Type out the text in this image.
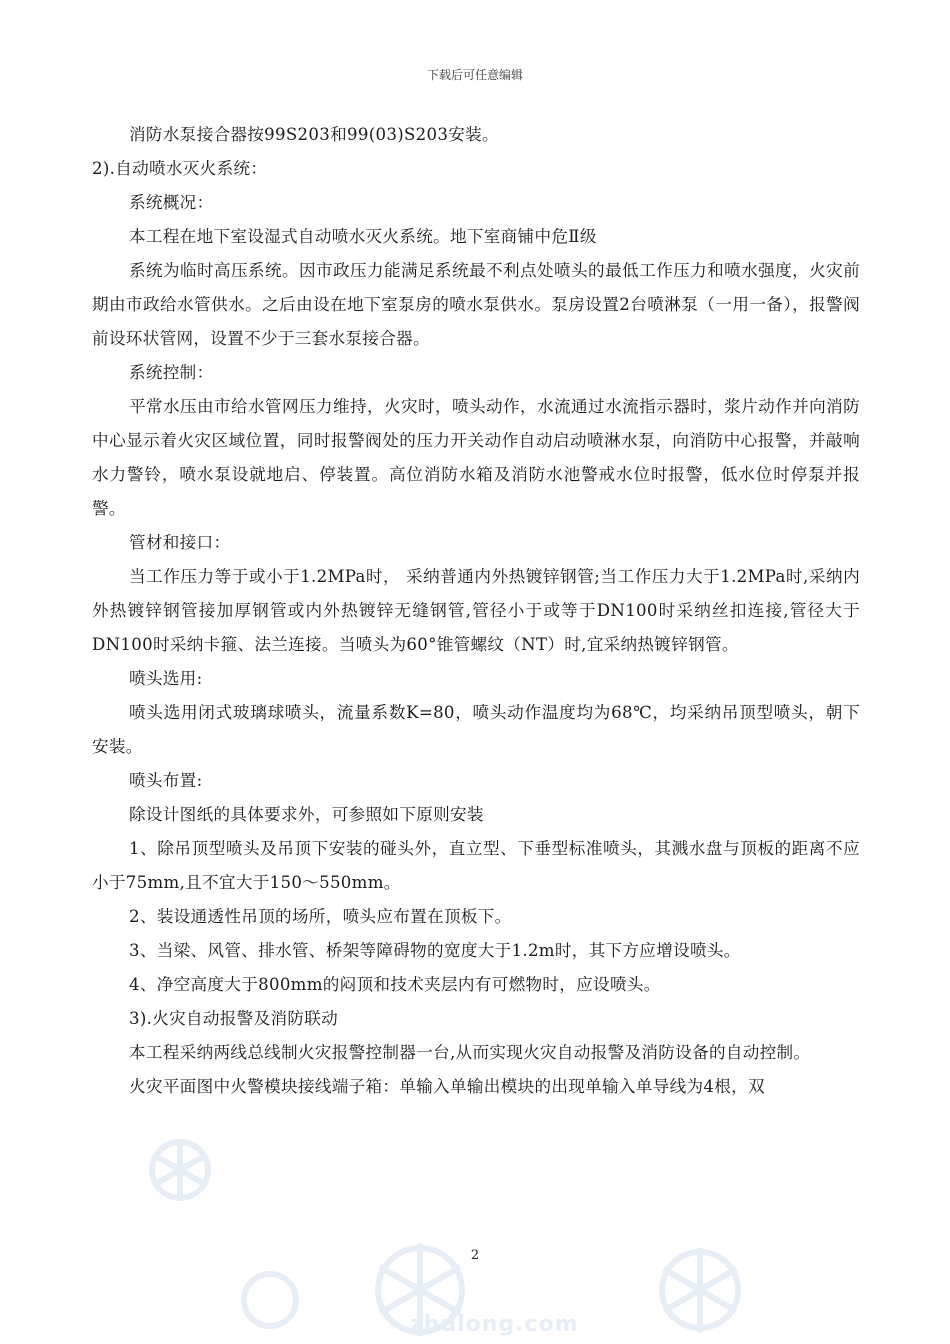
下载后可任意编辑

消防水泵接合器按99S203和99(03)S203安装。

2).自动喷水灭火系统：

系统概况：

本工程在地下室设湿式自动喷水灭火系统。地下室商铺中危Ⅱ级

系统为临时高压系统。因市政压力能满足系统最不利点处喷头的最低工作压力和喷水强度，火灾前期由市政给水管供水。之后由设在地下室泵房的喷水泵供水。泵房设置2台喷淋泵（一用一备），报警阀前设环状管网，设置不少于三套水泵接合器。

系统控制：

平常水压由市给水管网压力维持，火灾时，喷头动作，水流通过水流指示器时，浆片动作并向消防中心显示着火灾区域位置，同时报警阀处的压力开关动作自动启动喷淋水泵，向消防中心报警，并敲响水力警铃，喷水泵设就地启、停装置。高位消防水箱及消防水池警戒水位时报警，低水位时停泵并报警。

管材和接口：

当工作压力等于或小于1.2MPa时， 采纳普通内外热镀锌钢管;当工作压力大于1.2MPa时,采纳内外热镀锌钢管接加厚钢管或内外热镀锌无缝钢管,管径小于或等于DN100时采纳丝扣连接,管径大于DN100时采纳卡箍、法兰连接。当喷头为60°锥管螺纹（NT）时,宜采纳热镀锌钢管。

喷头选用:

喷头选用闭式玻璃球喷头，流量系数K=80，喷头动作温度均为68℃，均采纳吊顶型喷头，朝下安装。

喷头布置:

除设计图纸的具体要求外，可参照如下原则安装

1、除吊顶型喷头及吊顶下安装的碰头外，直立型、下垂型标准喷头，其溅水盘与顶板的距离不应小于75mm,且不宜大于150～550mm。

2、装设通透性吊顶的场所，喷头应布置在顶板下。

3、当梁、风管、排水管、桥架等障碍物的宽度大于1.2m时，其下方应增设喷头。

4、净空高度大于800mm的闷顶和技术夹层内有可燃物时，应设喷头。

3).火灾自动报警及消防联动

本工程采纳两线总线制火灾报警控制器一台,从而实现火灾自动报警及消防设备的自动控制。

火灾平面图中火警模块接线端子箱：单输入单输出模块的出现单输入单导线为4根，双

2
zhulong.com
